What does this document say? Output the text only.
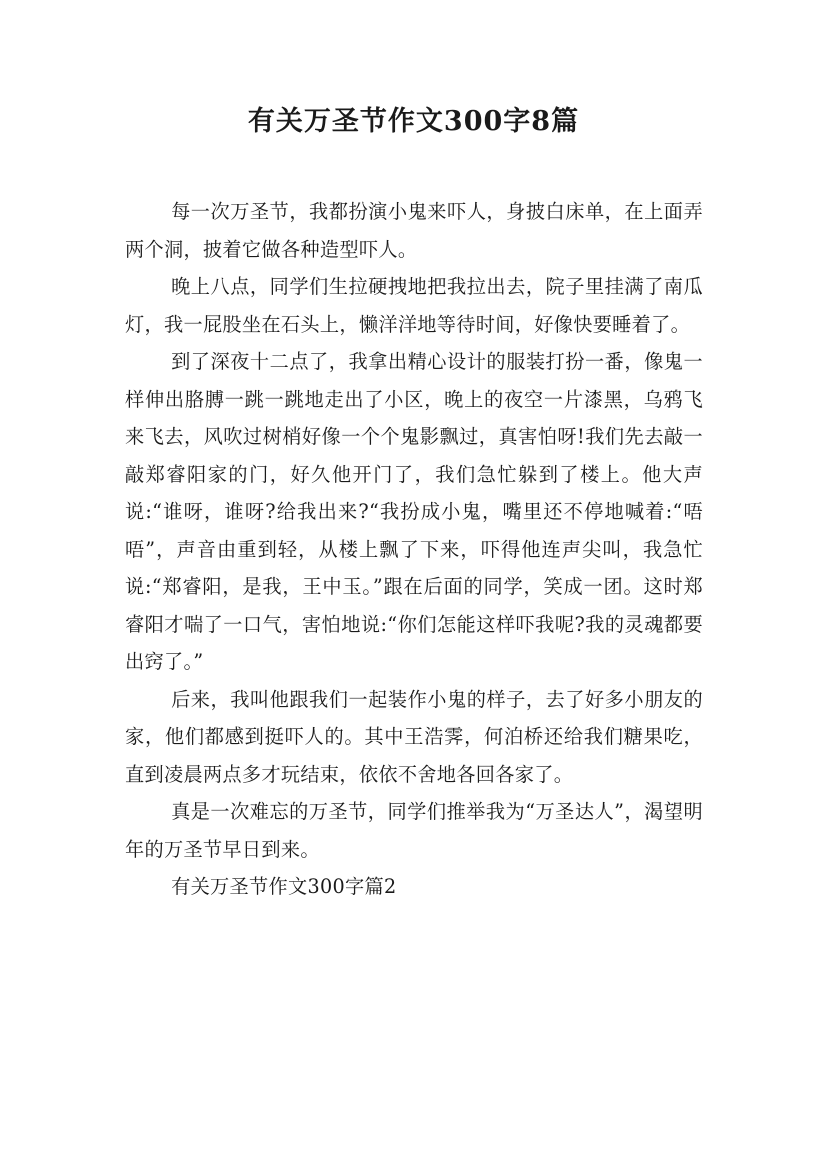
有关万圣节作文300字8篇

每一次万圣节，我都扮演小鬼来吓人，身披白床单，在上面弄两个洞，披着它做各种造型吓人。

晚上八点，同学们生拉硬拽地把我拉出去，院子里挂满了南瓜灯，我一屁股坐在石头上，懒洋洋地等待时间，好像快要睡着了。

到了深夜十二点了，我拿出精心设计的服装打扮一番，像鬼一样伸出胳膊一跳一跳地走出了小区，晚上的夜空一片漆黑，乌鸦飞来飞去，风吹过树梢好像一个个鬼影飘过，真害怕呀!我们先去敲一敲郑睿阳家的门，好久他开门了，我们急忙躲到了楼上。他大声说:“谁呀，谁呀?给我出来?“我扮成小鬼，嘴里还不停地喊着:“唔唔”，声音由重到轻，从楼上飘了下来，吓得他连声尖叫，我急忙说:“郑睿阳，是我，王中玉。”跟在后面的同学，笑成一团。这时郑睿阳才喘了一口气，害怕地说:“你们怎能这样吓我呢?我的灵魂都要出窍了。”

后来，我叫他跟我们一起装作小鬼的样子，去了好多小朋友的家，他们都感到挺吓人的。其中王浩霁，何泊桥还给我们糖果吃，直到凌晨两点多才玩结束，依依不舍地各回各家了。

真是一次难忘的万圣节，同学们推举我为“万圣达人”，渴望明年的万圣节早日到来。

有关万圣节作文300字篇2
